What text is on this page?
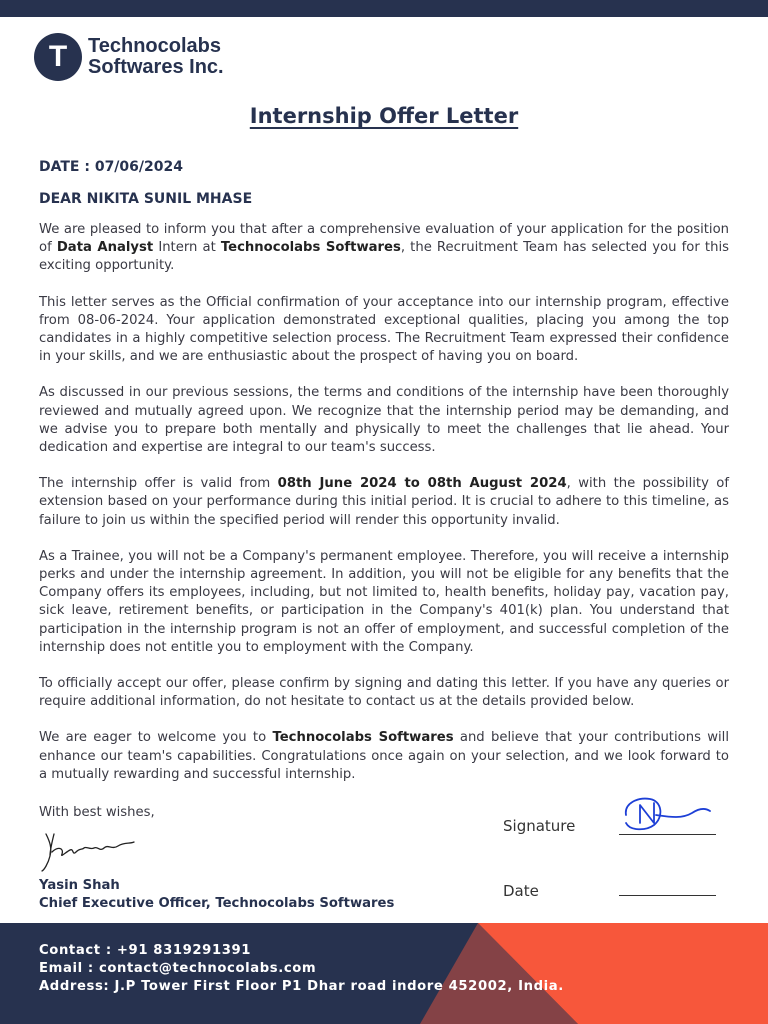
T	Technocolabs
Softwares Inc.
Internship Offer Letter
DATE : 07/06/2024
DEAR NIKITA SUNIL MHASE

We are pleased to inform you that after a comprehensive evaluation of your application for the position of Data Analyst Intern at Technocolabs Softwares, the Recruitment Team has selected you for this exciting opportunity.

This letter serves as the Official confirmation of your acceptance into our internship program, effective from 08-06-2024. Your application demonstrated exceptional qualities, placing you among the top candidates in a highly competitive selection process. The Recruitment Team expressed their confidence in your skills, and we are enthusiastic about the prospect of having you on board.

As discussed in our previous sessions, the terms and conditions of the internship have been thoroughly reviewed and mutually agreed upon. We recognize that the internship period may be demanding, and we advise you to prepare both mentally and physically to meet the challenges that lie ahead. Your dedication and expertise are integral to our team's success.

The internship offer is valid from 08th June 2024 to 08th August 2024, with the possibility of extension based on your performance during this initial period. It is crucial to adhere to this timeline, as failure to join us within the specified period will render this opportunity invalid.

As a Trainee, you will not be a Company's permanent employee. Therefore, you will receive a internship perks and under the internship agreement. In addition, you will not be eligible for any benefits that the Company offers its employees, including, but not limited to, health benefits, holiday pay, vacation pay, sick leave, retirement benefits, or participation in the Company's 401(k) plan. You understand that participation in the internship program is not an offer of employment, and successful completion of the internship does not entitle you to employment with the Company.

To officially accept our offer, please confirm by signing and dating this letter. If you have any queries or require additional information, do not hesitate to contact us at the details provided below.

We are eager to welcome you to Technocolabs Softwares and believe that your contributions will enhance our team's capabilities. Congratulations once again on your selection, and we look forward to a mutually rewarding and successful internship.

With best wishes,
Yasin Shah
Chief Executive Officer, Technocolabs Softwares
Signature
Date
Contact : +91 8319291391
Email : contact@technocolabs.com
Address: J.P Tower First Floor P1 Dhar road indore 452002, India.
